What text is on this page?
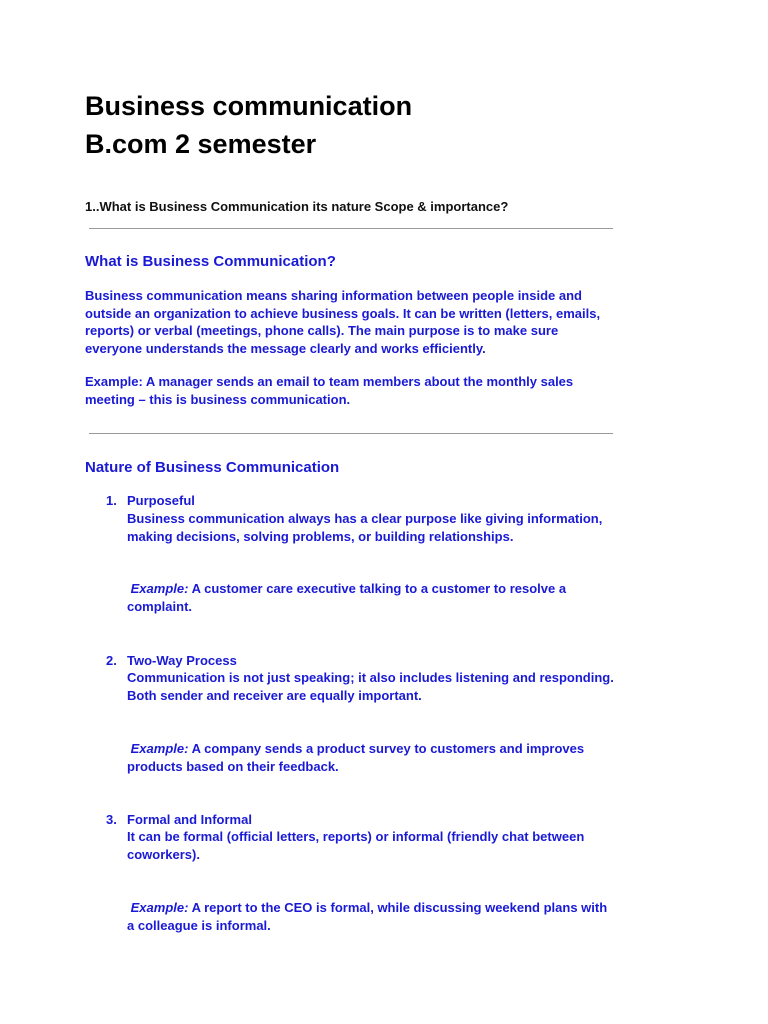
Business communication
B.com 2 semester

1..What is Business Communication its nature Scope & importance?

What is Business Communication?

Business communication means sharing information between people inside and
outside an organization to achieve business goals. It can be written (letters, emails,
reports) or verbal (meetings, phone calls). The main purpose is to make sure
everyone understands the message clearly and works efficiently.

Example: A manager sends an email to team members about the monthly sales
meeting – this is business communication.

Nature of Business Communication
1. Purposeful

Business communication always has a clear purpose like giving information,
making decisions, solving problems, or building relationships.

Example: A customer care executive talking to a customer to resolve a
complaint.

2. Two-Way Process

Communication is not just speaking; it also includes listening and responding.
Both sender and receiver are equally important.

Example: A company sends a product survey to customers and improves
products based on their feedback.

3. Formal and Informal

It can be formal (official letters, reports) or informal (friendly chat between
coworkers).

Example: A report to the CEO is formal, while discussing weekend plans with
a colleague is informal.
